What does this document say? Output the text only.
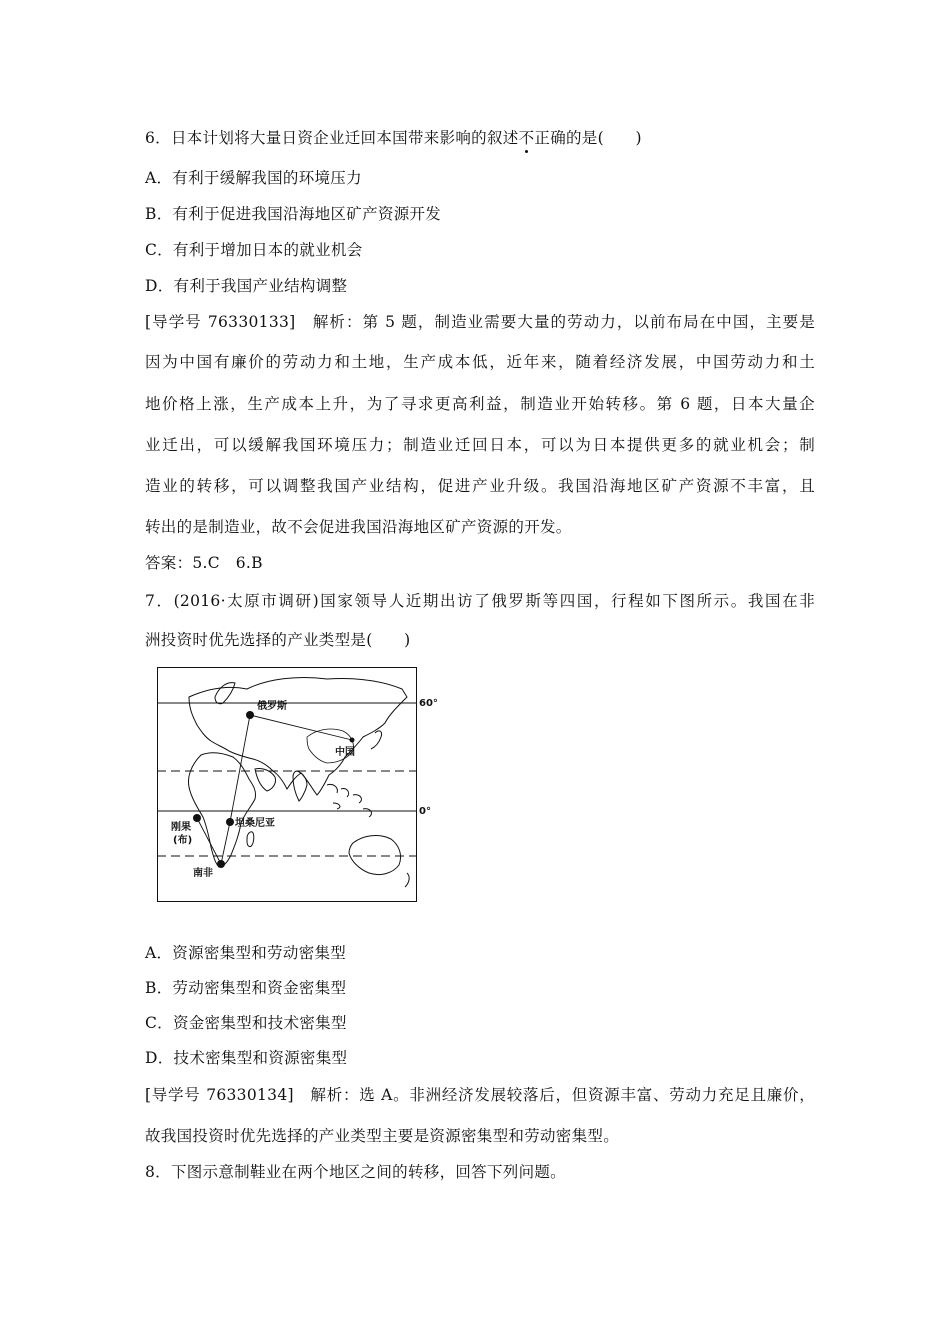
6．日本计划将大量日资企业迁回本国带来影响的叙述不正确的是(　　)
A．有利于缓解我国的环境压力
B．有利于促进我国沿海地区矿产资源开发
C．有利于增加日本的就业机会
D．有利于我国产业结构调整
[导学号 76330133]　解析：第 5 题，制造业需要大量的劳动力，以前布局在中国，主要是
因为中国有廉价的劳动力和土地，生产成本低，近年来，随着经济发展，中国劳动力和土
地价格上涨，生产成本上升，为了寻求更高利益，制造业开始转移。第 6 题，日本大量企
业迁出，可以缓解我国环境压力；制造业迁回日本，可以为日本提供更多的就业机会；制
造业的转移，可以调整我国产业结构，促进产业升级。我国沿海地区矿产资源不丰富，且
转出的是制造业，故不会促进我国沿海地区矿产资源的开发。
答案：5.C　6.B
7．(2016·太原市调研)国家领导人近期出访了俄罗斯等四国，行程如下图所示。我国在非
洲投资时优先选择的产业类型是(　　)
俄罗斯
中国
坦桑尼亚
刚果
(布)
南非
60°
0°
A．资源密集型和劳动密集型
B．劳动密集型和资金密集型
C．资金密集型和技术密集型
D．技术密集型和资源密集型
[导学号 76330134]　解析：选 A。非洲经济发展较落后，但资源丰富、劳动力充足且廉价，
故我国投资时优先选择的产业类型主要是资源密集型和劳动密集型。
8．下图示意制鞋业在两个地区之间的转移，回答下列问题。
